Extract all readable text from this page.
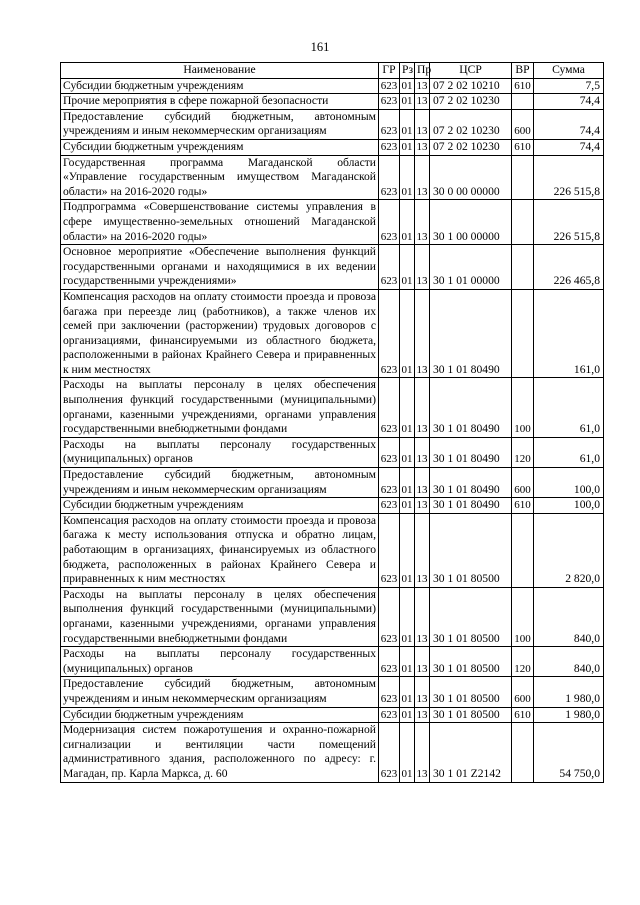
161
Наименование	ГР	Рз	Пр	ЦСР	ВР	Сумма
Субсидии бюджетным учреждениям	623	01	13	07 2 02 10210	610	7,5
Прочие мероприятия в сфере пожарной безопасности	623	01	13	07 2 02 10230		74,4
Предоставление субсидий бюджетным, автономным учреждениям и иным некоммерческим организациям	623	01	13	07 2 02 10230	600	74,4
Субсидии бюджетным учреждениям	623	01	13	07 2 02 10230	610	74,4
Государственная программа Магаданской области «Управление государственным имуществом Магаданской области» на 2016-2020 годы»	623	01	13	30 0 00 00000		226 515,8
Подпрограмма «Совершенствование системы управления в сфере имущественно-земельных отношений Магаданской области» на 2016-2020 годы»	623	01	13	30 1 00 00000		226 515,8
Основное мероприятие «Обеспечение выполнения функций государственными органами и находящимися в их ведении государственными учреждениями»	623	01	13	30 1 01 00000		226 465,8
Компенсация расходов на оплату стоимости проезда и провоза багажа при переезде лиц (работников), а также членов их семей при заключении (расторжении) трудовых договоров с организациями, финансируемыми из областного бюджета, расположенными в районах Крайнего Севера и приравненных к ним местностях	623	01	13	30 1 01 80490		161,0
Расходы на выплаты персоналу в целях обеспечения выполнения функций государственными (муниципальными) органами, казенными учреждениями, органами управления государственными внебюджетными фондами	623	01	13	30 1 01 80490	100	61,0
Расходы на выплаты персоналу государственных (муниципальных) органов	623	01	13	30 1 01 80490	120	61,0
Предоставление субсидий бюджетным, автономным учреждениям и иным некоммерческим организациям	623	01	13	30 1 01 80490	600	100,0
Субсидии бюджетным учреждениям	623	01	13	30 1 01 80490	610	100,0
Компенсация расходов на оплату стоимости проезда и провоза багажа к месту использования отпуска и обратно лицам, работающим в организациях, финансируемых из областного бюджета, расположенных в районах Крайнего Севера и приравненных к ним местностях	623	01	13	30 1 01 80500		2 820,0
Расходы на выплаты персоналу в целях обеспечения выполнения функций государственными (муниципальными) органами, казенными учреждениями, органами управления государственными внебюджетными фондами	623	01	13	30 1 01 80500	100	840,0
Расходы на выплаты персоналу государственных (муниципальных) органов	623	01	13	30 1 01 80500	120	840,0
Предоставление субсидий бюджетным, автономным учреждениям и иным некоммерческим организациям	623	01	13	30 1 01 80500	600	1 980,0
Субсидии бюджетным учреждениям	623	01	13	30 1 01 80500	610	1 980,0
Модернизация систем пожаротушения и охранно-пожарной сигнализации и вентиляции части помещений административного здания, расположенного по адресу: г. Магадан, пр. Карла Маркса, д. 60	623	01	13	30 1 01 Z2142		54 750,0
